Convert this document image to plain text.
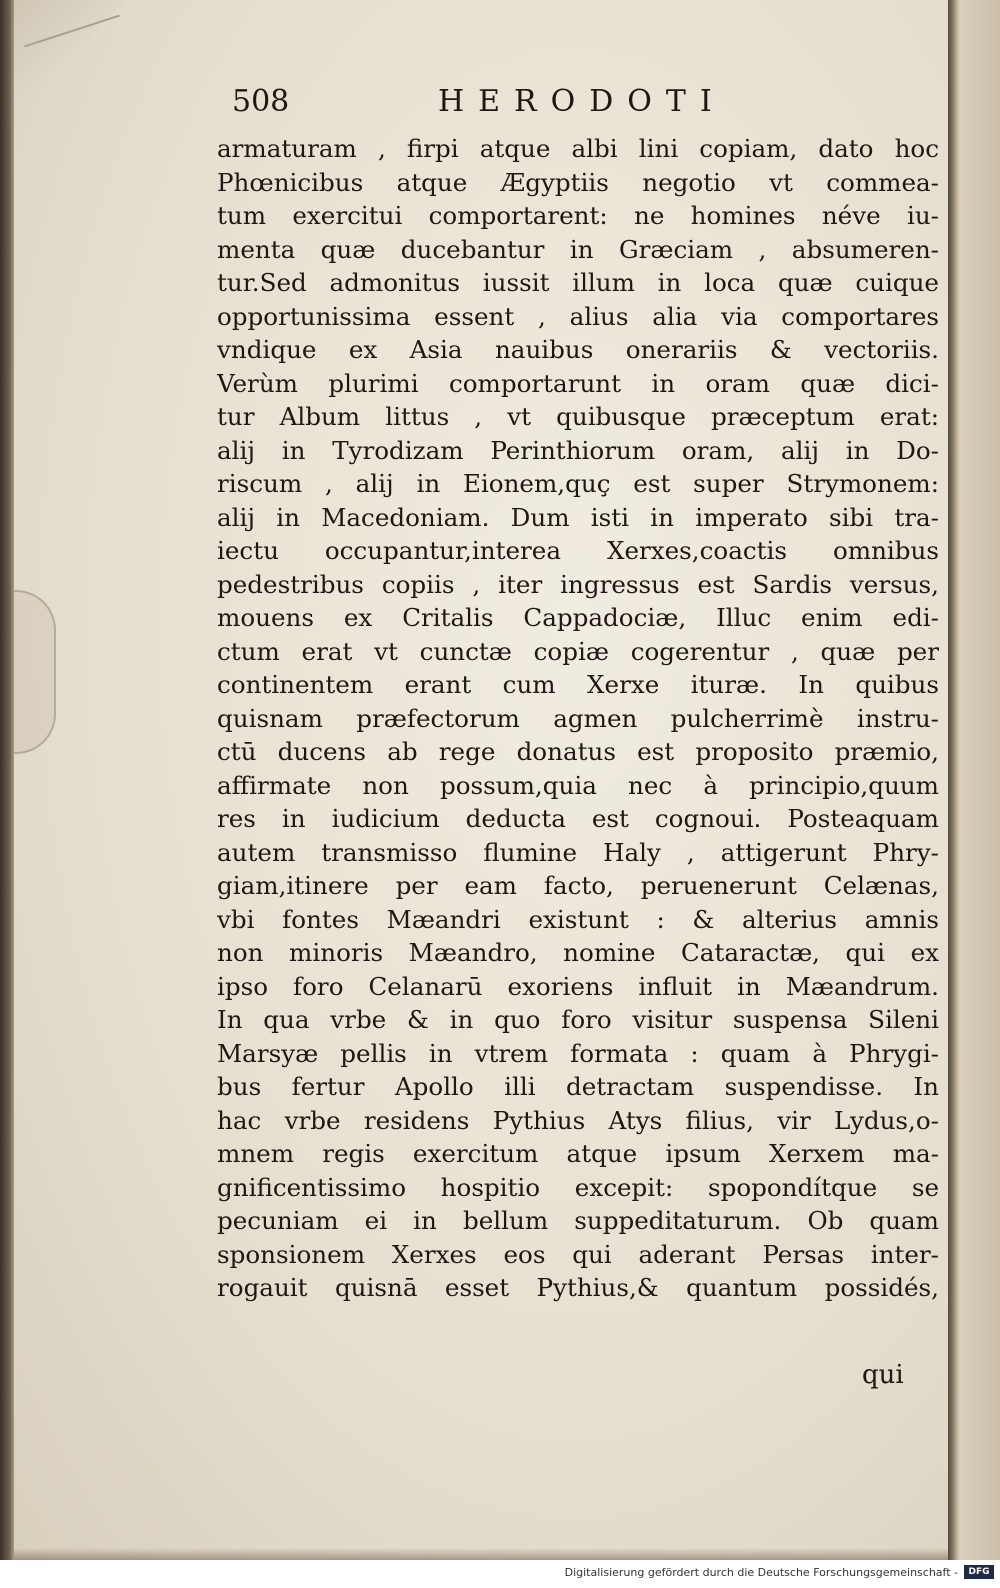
508	HERODOTI
armaturam , firpi atque albi lini copiam, dato hoc
Phœnicibus atque Ægyptiis negotio vt commea-
tum exercitui comportarent: ne homines néve iu-
menta quæ ducebantur in Græciam , absumeren-
tur.Sed admonitus iussit illum in loca quæ cuique
opportunissima essent , alius alia via comportares
vndique ex Asia nauibus onerariis & vectoriis.
Verùm plurimi comportarunt in oram quæ dici-
tur Album littus , vt quibusque præceptum erat:
alij in Tyrodizam Perinthiorum oram, alij in Do-
riscum , alij in Eionem,quç est super Strymonem:
alij in Macedoniam. Dum isti in imperato sibi tra-
iectu occupantur,interea Xerxes,coactis omnibus
pedestribus copiis , iter ingressus est Sardis versus,
mouens ex Critalis Cappadociæ, Illuc enim edi-
ctum erat vt cunctæ copiæ cogerentur , quæ per
continentem erant cum Xerxe ituræ. In quibus
quisnam præfectorum agmen pulcherrimè instru-
ctū ducens ab rege donatus est proposito præmio,
affirmate non possum,quia nec à principio,quum
res in iudicium deducta est cognoui. Posteaquam
autem transmisso flumine Haly , attigerunt Phry-
giam,itinere per eam facto, peruenerunt Celænas,
vbi fontes Mæandri existunt : & alterius amnis
non minoris Mæandro, nomine Cataractæ, qui ex
ipso foro Celanarū exoriens influit in Mæandrum.
In qua vrbe & in quo foro visitur suspensa Sileni
Marsyæ pellis in vtrem formata : quam à Phrygi-
bus fertur Apollo illi detractam suspendisse. In
hac vrbe residens Pythius Atys filius, vir Lydus,o-
mnem regis exercitum atque ipsum Xerxem ma-
gnificentissimo hospitio excepit: spopondítque se
pecuniam ei in bellum suppeditaturum. Ob quam
sponsionem Xerxes eos qui aderant Persas inter-
rogauit quisnā esset Pythius,& quantum possidés,
qui
Digitalisierung gefördert durch die Deutsche Forschungsgemeinschaft -	DFG
